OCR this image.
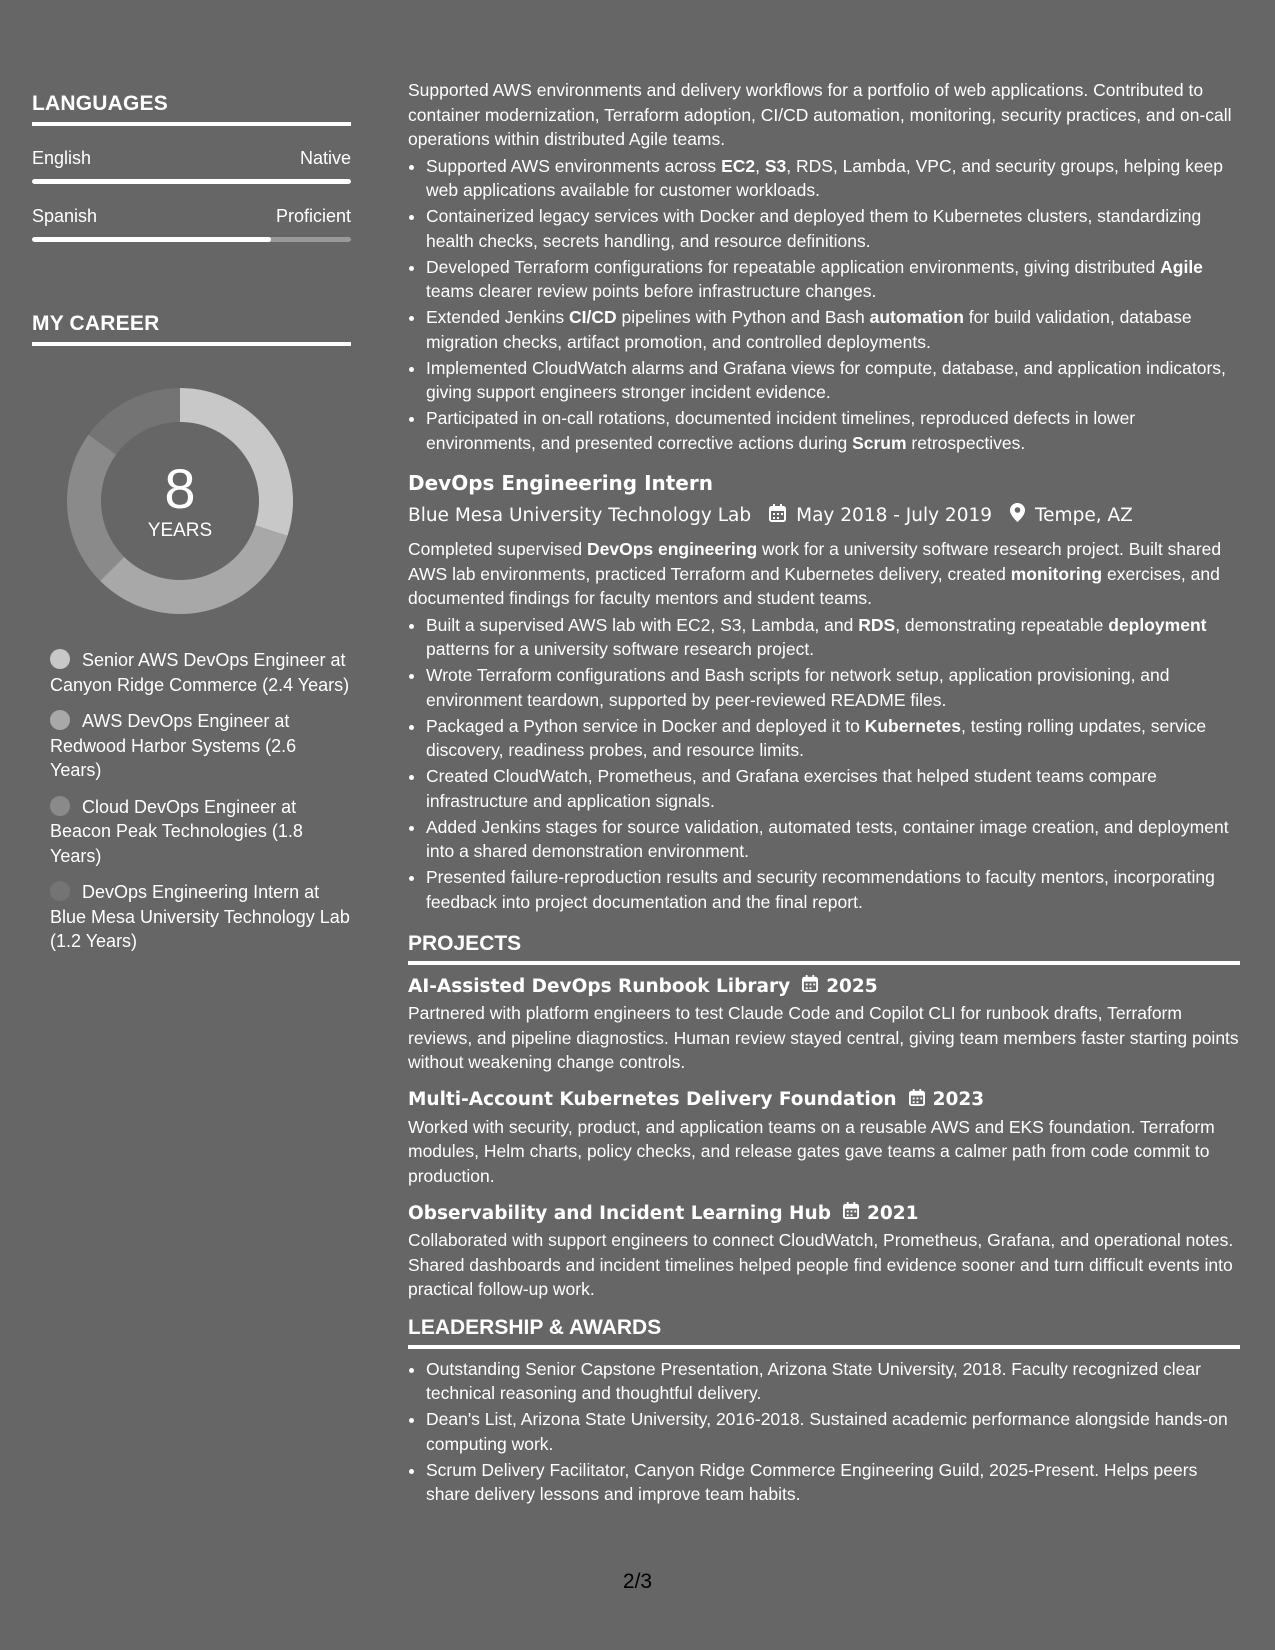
LANGUAGES
English	Native
Spanish	Proficient
MY CAREER
8
YEARS
Senior AWS DevOps Engineer at Canyon Ridge Commerce (2.4 Years)
AWS DevOps Engineer at Redwood Harbor Systems (2.6 Years)
Cloud DevOps Engineer at Beacon Peak Technologies (1.8 Years)
DevOps Engineering Intern at Blue Mesa University Technology Lab (1.2 Years)

Supported AWS environments and delivery workflows for a portfolio of web applications. Contributed to container modernization, Terraform adoption, CI/CD automation, monitoring, security practices, and on-call operations within distributed Agile teams.

• Supported AWS environments across EC2, S3, RDS, Lambda, VPC, and security groups, helping keep web applications available for customer workloads.
• Containerized legacy services with Docker and deployed them to Kubernetes clusters, standardizing health checks, secrets handling, and resource definitions.
• Developed Terraform configurations for repeatable application environments, giving distributed Agile teams clearer review points before infrastructure changes.
• Extended Jenkins CI/CD pipelines with Python and Bash automation for build validation, database migration checks, artifact promotion, and controlled deployments.
• Implemented CloudWatch alarms and Grafana views for compute, database, and application indicators, giving support engineers stronger incident evidence.
• Participated in on-call rotations, documented incident timelines, reproduced defects in lower environments, and presented corrective actions during Scrum retrospectives.
DevOps Engineering Intern
Blue Mesa University Technology Lab May 2018 - July 2019 Tempe, AZ

Completed supervised DevOps engineering work for a university software research project. Built shared AWS lab environments, practiced Terraform and Kubernetes delivery, created monitoring exercises, and documented findings for faculty mentors and student teams.

• Built a supervised AWS lab with EC2, S3, Lambda, and RDS, demonstrating repeatable deployment patterns for a university software research project.
• Wrote Terraform configurations and Bash scripts for network setup, application provisioning, and environment teardown, supported by peer-reviewed README files.
• Packaged a Python service in Docker and deployed it to Kubernetes, testing rolling updates, service discovery, readiness probes, and resource limits.
• Created CloudWatch, Prometheus, and Grafana exercises that helped student teams compare infrastructure and application signals.
• Added Jenkins stages for source validation, automated tests, container image creation, and deployment into a shared demonstration environment.
• Presented failure-reproduction results and security recommendations to faculty mentors, incorporating feedback into project documentation and the final report.
PROJECTS
AI-Assisted DevOps Runbook Library 2025

Partnered with platform engineers to test Claude Code and Copilot CLI for runbook drafts, Terraform reviews, and pipeline diagnostics. Human review stayed central, giving team members faster starting points without weakening change controls.

Multi-Account Kubernetes Delivery Foundation 2023

Worked with security, product, and application teams on a reusable AWS and EKS foundation. Terraform modules, Helm charts, policy checks, and release gates gave teams a calmer path from code commit to production.

Observability and Incident Learning Hub 2021

Collaborated with support engineers to connect CloudWatch, Prometheus, Grafana, and operational notes. Shared dashboards and incident timelines helped people find evidence sooner and turn difficult events into practical follow-up work.

LEADERSHIP & AWARDS
• Outstanding Senior Capstone Presentation, Arizona State University, 2018. Faculty recognized clear technical reasoning and thoughtful delivery.
• Dean's List, Arizona State University, 2016-2018. Sustained academic performance alongside hands-on computing work.
• Scrum Delivery Facilitator, Canyon Ridge Commerce Engineering Guild, 2025-Present. Helps peers share delivery lessons and improve team habits.
2/3
